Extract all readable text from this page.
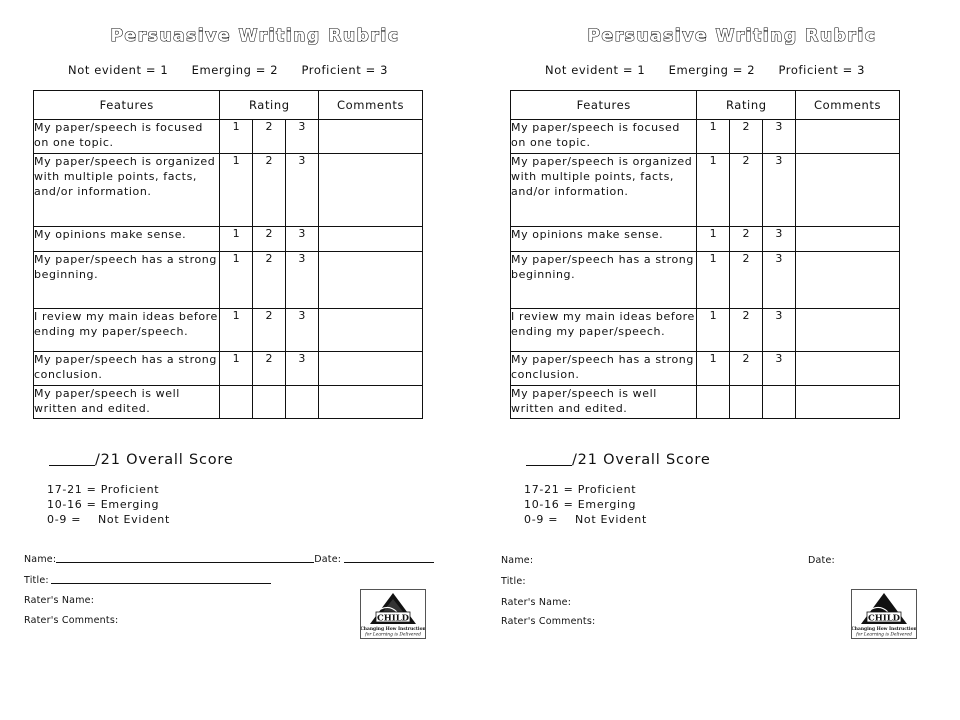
Persuasive Writing Rubric
Not evident = 1 Emerging = 2 Proficient = 3
Features	Rating			Comments
My paper/speech is focused on one topic.	1	2	3	
My paper/speech is organized with multiple points, facts, and/or information.	1	2	3	
My opinions make sense.	1	2	3	
My paper/speech has a strong beginning.	1	2	3	
I review my main ideas before ending my paper/speech.	1	2	3	
My paper/speech has a strong conclusion.	1	2	3	
My paper/speech is well written and edited.				
/21 Overall Score
17-21 = Proficient
10-16 = Emerging
0-9 =    Not Evident
Name:	Date:
Title:
Rater's Name:
Rater's Comments:	CHILD
Changing How Instruction
for Learning is Delivered
Persuasive Writing Rubric
Not evident = 1 Emerging = 2 Proficient = 3
Features	Rating			Comments
My paper/speech is focused on one topic.	1	2	3	
My paper/speech is organized with multiple points, facts, and/or information.	1	2	3	
My opinions make sense.	1	2	3	
My paper/speech has a strong beginning.	1	2	3	
I review my main ideas before ending my paper/speech.	1	2	3	
My paper/speech has a strong conclusion.	1	2	3	
My paper/speech is well written and edited.				
/21 Overall Score
17-21 = Proficient
10-16 = Emerging
0-9 =    Not Evident
Name:	Date:
Title:
Rater's Name:
Rater's Comments:	CHILD
Changing How Instruction
for Learning is Delivered
